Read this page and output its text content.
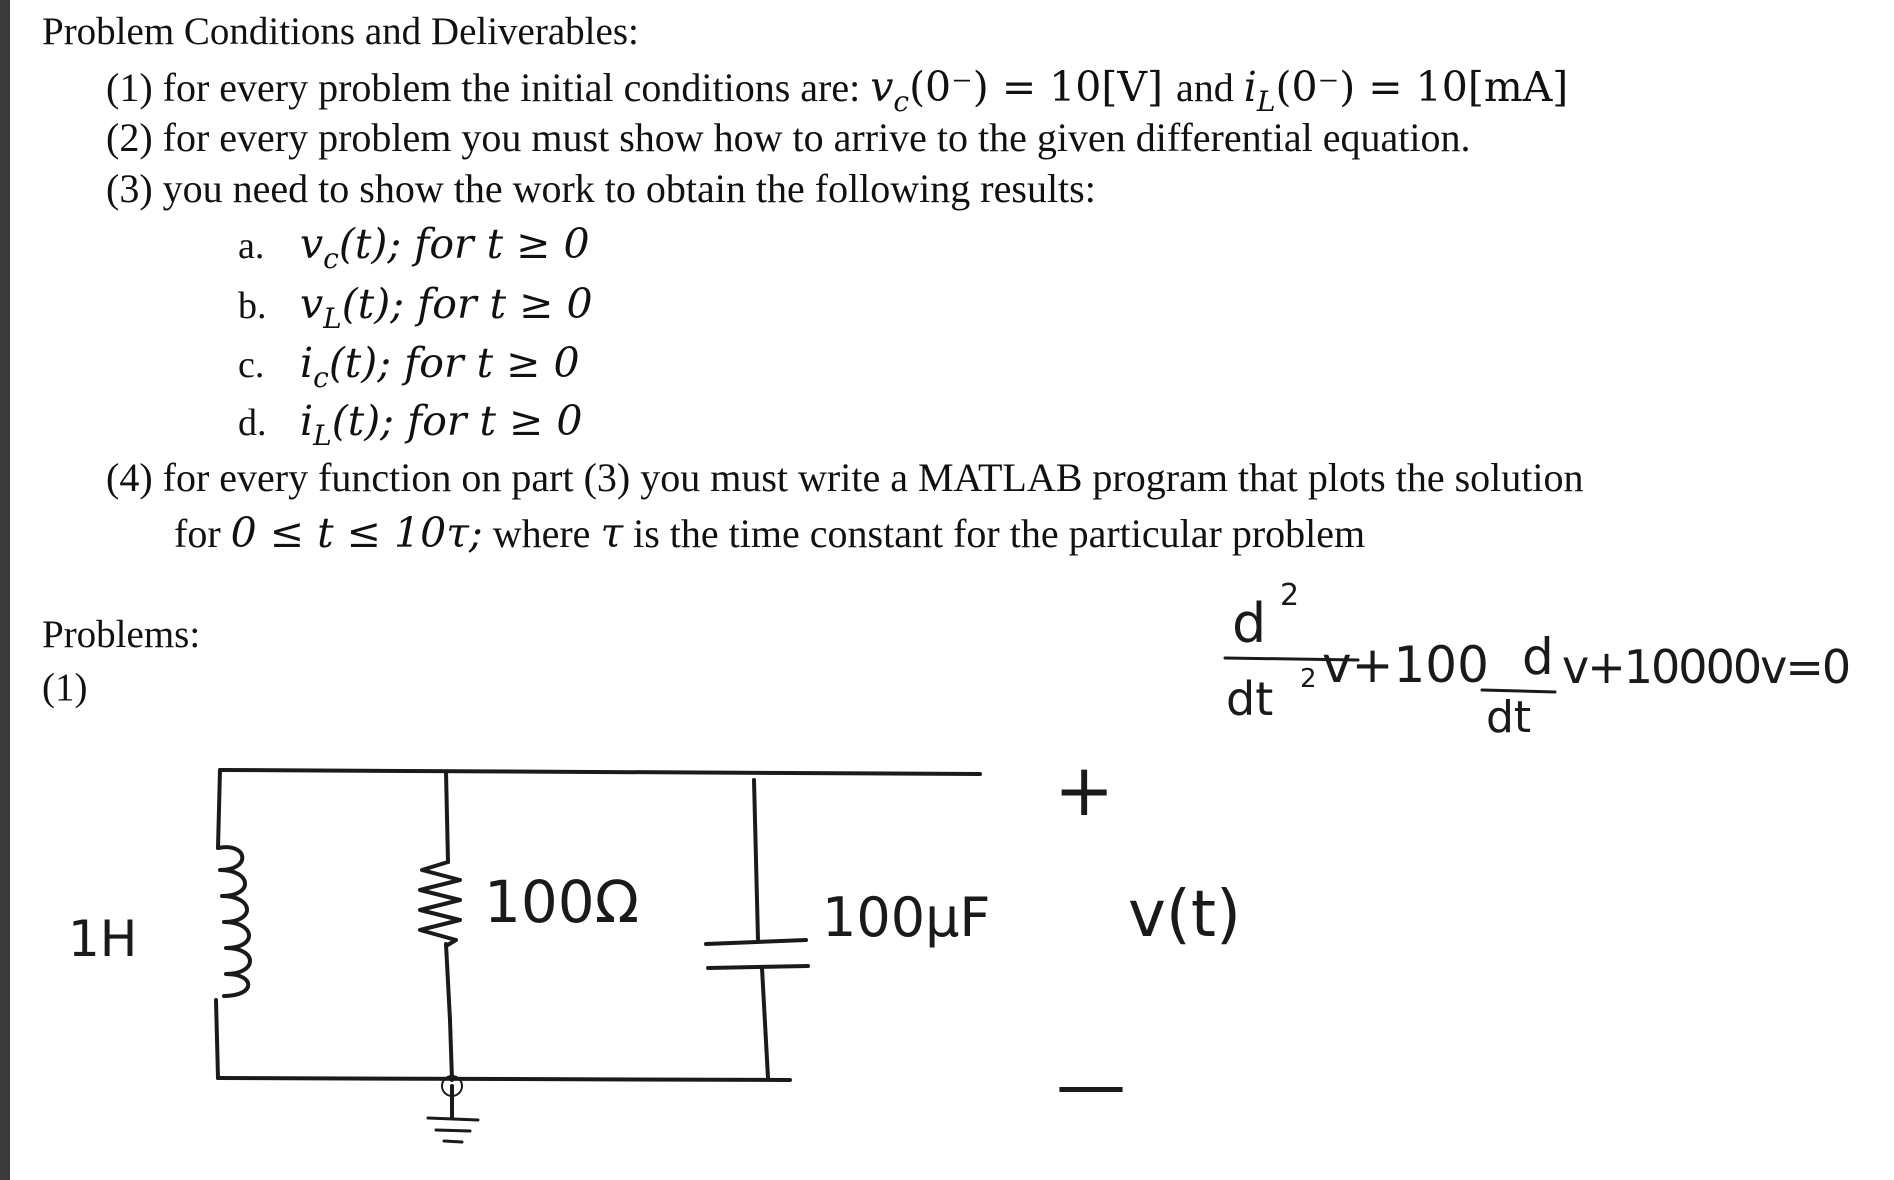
Problem Conditions and Deliverables:
(1) for every problem the initial conditions are: $v_c(0^-) = 10[V]$ and $i_L(0^-) = 10[mA]$
(2) for every problem you must show how to arrive to the given differential equation.
(3) you need to show the work to obtain the following results:
a. $v_c(t)$; for t ≥ 0
b. $v_L(t)$; for t ≥ 0
c. $i_c(t)$; for t ≥ 0
d. $i_L(t)$; for t ≥ 0
(4) for every function on part (3) you must write a MATLAB program that plots the solution
for 0 ≤ t ≤ 10τ; where τ is the time constant for the particular problem
Problems:
(1)
d 2
dt 2 v+100 d
dt
v+10000v=0
1H
100Ω	100μF
+
v(t)
—
